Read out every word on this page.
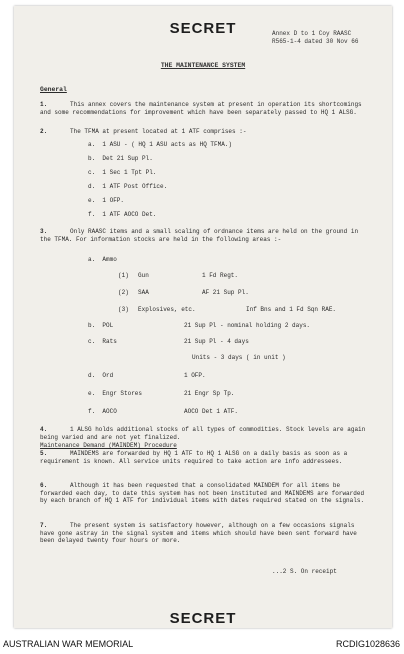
SECRET	Annex D to 1 Coy RAASC
R565-1-4 dated 30 Nov 66
THE MAINTENANCE SYSTEM
General
1.	This annex covers the maintenance system at present in operation its shortcomings and some recommendations for improvement which have been separately passed to HQ 1 ALSG.
2.	The TFMA at present located at 1 ATF comprises :-
a. 1 ASU - ( HQ 1 ASU acts as HQ TFMA.)
b. Det 21 Sup Pl.
c. 1 Sec 1 Tpt Pl.
d. 1 ATF Post Office.
e. 1 OFP.
f. 1 ATF AOCO Det.
3.	Only RAASC items and a small scaling of ordnance items are held on the ground in the TFMA. For information stocks are held in the following areas :-
a. Ammo
(1) Gun	1 Fd Regt.
(2) SAA	AF 21 Sup Pl.
(3) Explosives, etc.	Inf Bns and 1 Fd Sqn RAE.
b. POL	21 Sup Pl - nominal holding 2 days.
c. Rats	21 Sup Pl - 4 days
Units - 3 days ( in unit )
d. Ord	1 OFP.
e. Engr Stores	21 Engr Sp Tp.
f. AOCO	AOCO Det 1 ATF.
4.	1 ALSG holds additional stocks of all types of commodities. Stock levels are again being varied and are not yet finalized.
Maintenance Demand (MAINDEM) Procedure
5.	MAINDEMS are forwarded by HQ 1 ATF to HQ 1 ALSG on a daily basis as soon as a requirement is known. All service units required to take action are info addressees.
6.	Although it has been requested that a consolidated MAINDEM for all items be forwarded each day, to date this system has not been instituted and MAINDEMS are forwarded by each branch of HQ 1 ATF for individual items with dates required stated on the signals.
7.	The present system is satisfactory however, although on a few occasions signals have gone astray in the signal system and items which should have been sent forward have been delayed twenty four hours or more.
...2 S. On receipt
SECRET
AUSTRALIAN WAR MEMORIAL	RCDIG1028636
